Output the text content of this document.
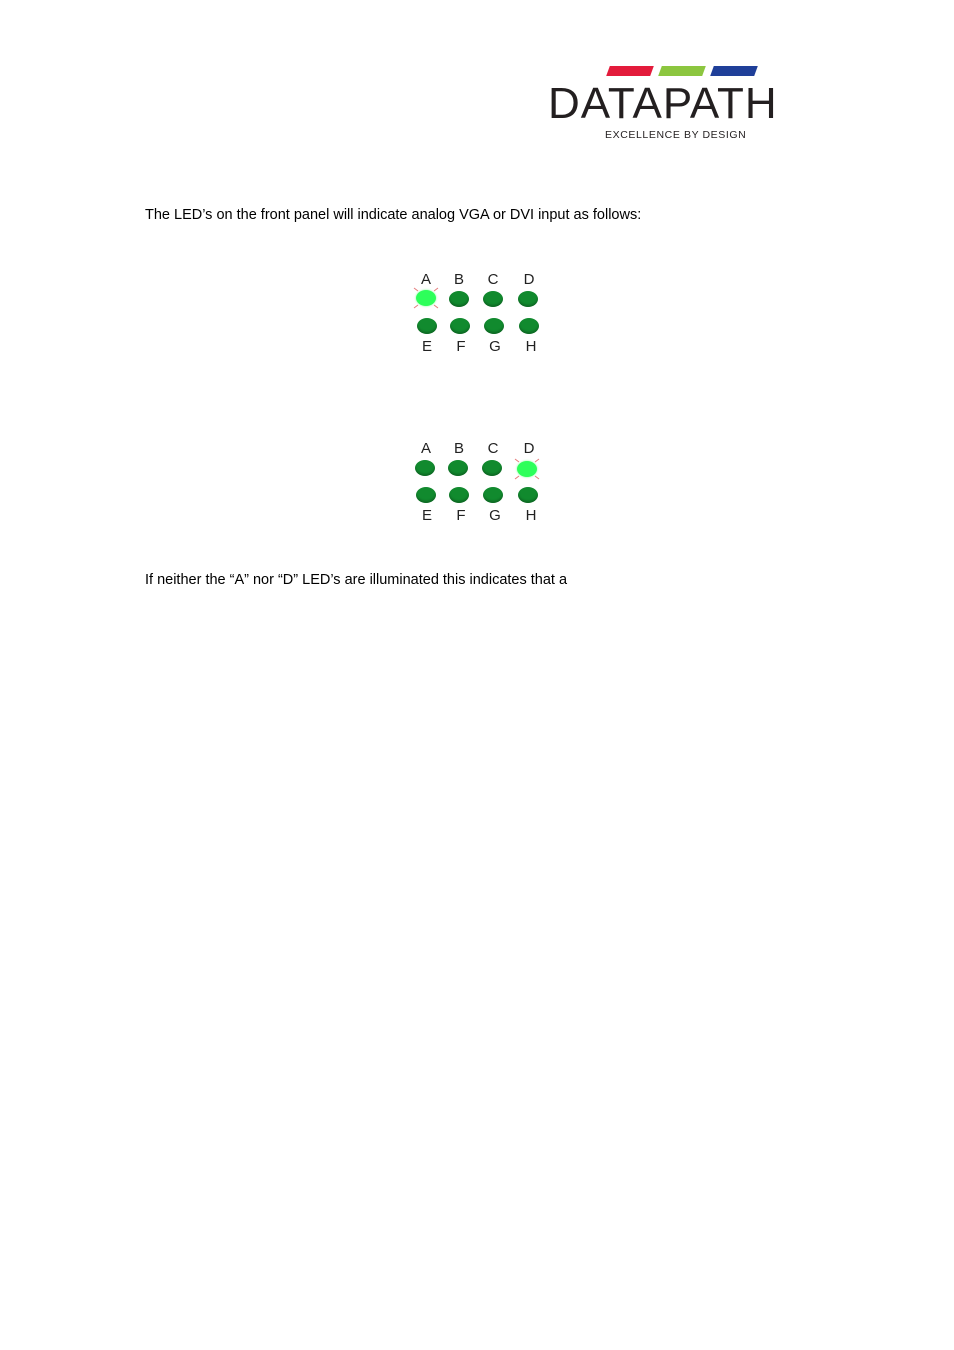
DATAPATH
EXCELLENCE BY DESIGN
The LED’s on the front panel will indicate analog VGA or DVI input as follows:
A	B	C	D
E	F	G	H
A	B	C	D
E	F	G	H
If neither the “A” nor “D” LED’s are illuminated this indicates that a
